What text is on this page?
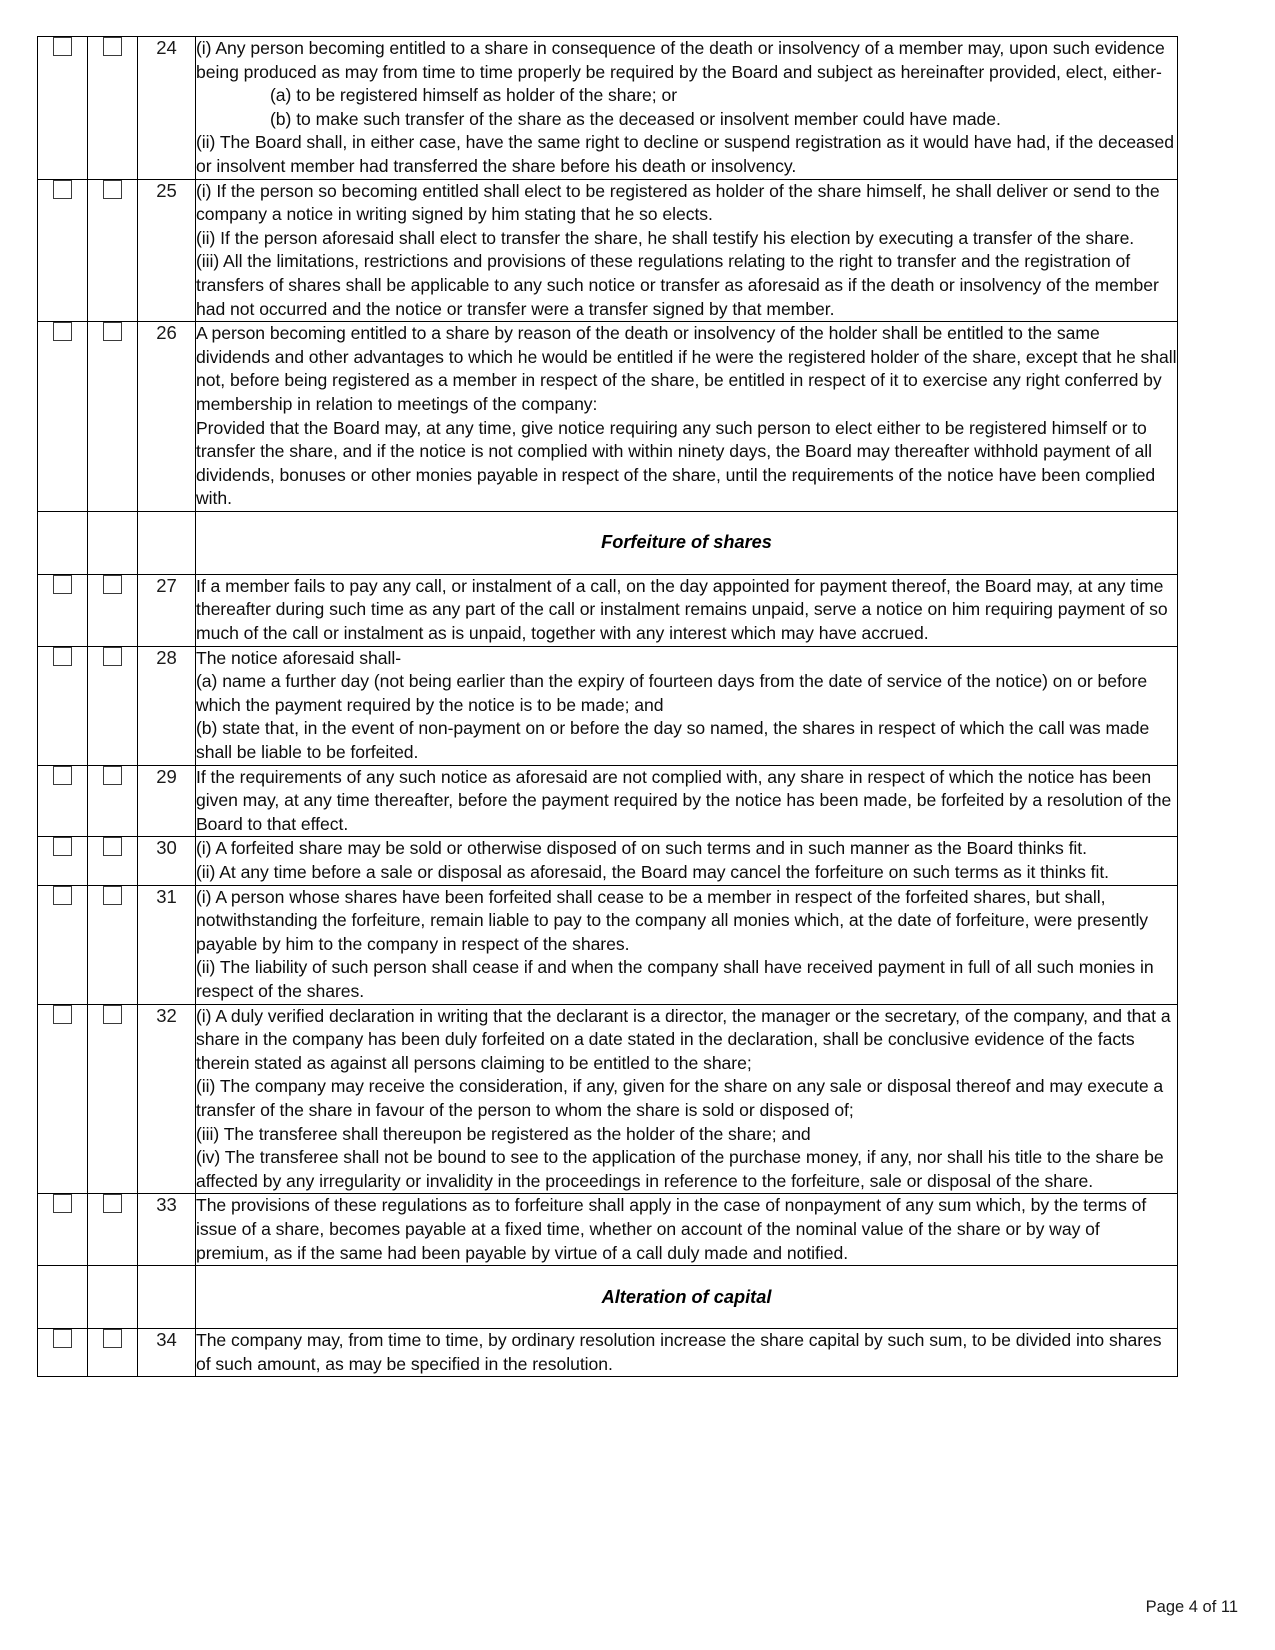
		24	(i) Any person becoming entitled to a share in consequence of the death or insolvency of a member may, upon such evidence being produced as may from time to time properly be required by the Board and subject as hereinafter provided, elect, either-

(a) to be registered himself as holder of the share; or

(b) to make such transfer of the share as the deceased or insolvent member could have made.

(ii) The Board shall, in either case, have the same right to decline or suspend registration as it would have had, if the deceased or insolvent member had transferred the share before his death or insolvency.

		25	(i) If the person so becoming entitled shall elect to be registered as holder of the share himself, he shall deliver or send to the company a notice in writing signed by him stating that he so elects.

(ii) If the person aforesaid shall elect to transfer the share, he shall testify his election by executing a transfer of the share.

(iii) All the limitations, restrictions and provisions of these regulations relating to the right to transfer and the registration of transfers of shares shall be applicable to any such notice or transfer as aforesaid as if the death or insolvency of the member had not occurred and the notice or transfer were a transfer signed by that member.

		26	A person becoming entitled to a share by reason of the death or insolvency of the holder shall be entitled to the same dividends and other advantages to which he would be entitled if he were the registered holder of the share, except that he shall not, before being registered as a member in respect of the share, be entitled in respect of it to exercise any right conferred by membership in relation to meetings of the company:

Provided that the Board may, at any time, give notice requiring any such person to elect either to be registered himself or to transfer the share, and if the notice is not complied with within ninety days, the Board may thereafter withhold payment of all dividends, bonuses or other monies payable in respect of the share, until the requirements of the notice have been complied with.

			Forfeiture of shares
		27	If a member fails to pay any call, or instalment of a call, on the day appointed for payment thereof, the Board may, at any time thereafter during such time as any part of the call or instalment remains unpaid, serve a notice on him requiring payment of so much of the call or instalment as is unpaid, together with any interest which may have accrued.

		28	The notice aforesaid shall-

(a) name a further day (not being earlier than the expiry of fourteen days from the date of service of the notice) on or before which the payment required by the notice is to be made; and

(b) state that, in the event of non-payment on or before the day so named, the shares in respect of which the call was made shall be liable to be forfeited.

		29	If the requirements of any such notice as aforesaid are not complied with, any share in respect of which the notice has been given may, at any time thereafter, before the payment required by the notice has been made, be forfeited by a resolution of the Board to that effect.

		30	(i) A forfeited share may be sold or otherwise disposed of on such terms and in such manner as the Board thinks fit.

(ii) At any time before a sale or disposal as aforesaid, the Board may cancel the forfeiture on such terms as it thinks fit.

		31	(i) A person whose shares have been forfeited shall cease to be a member in respect of the forfeited shares, but shall, notwithstanding the forfeiture, remain liable to pay to the company all monies which, at the date of forfeiture, were presently payable by him to the company in respect of the shares.

(ii) The liability of such person shall cease if and when the company shall have received payment in full of all such monies in respect of the shares.

		32	(i) A duly verified declaration in writing that the declarant is a director, the manager or the secretary, of the company, and that a share in the company has been duly forfeited on a date stated in the declaration, shall be conclusive evidence of the facts therein stated as against all persons claiming to be entitled to the share;

(ii) The company may receive the consideration, if any, given for the share on any sale or disposal thereof and may execute a transfer of the share in favour of the person to whom the share is sold or disposed of;

(iii) The transferee shall thereupon be registered as the holder of the share; and

(iv) The transferee shall not be bound to see to the application of the purchase money, if any, nor shall his title to the share be affected by any irregularity or invalidity in the proceedings in reference to the forfeiture, sale or disposal of the share.

		33	The provisions of these regulations as to forfeiture shall apply in the case of nonpayment of any sum which, by the terms of issue of a share, becomes payable at a fixed time, whether on account of the nominal value of the share or by way of premium, as if the same had been payable by virtue of a call duly made and notified.

			Alteration of capital
		34	The company may, from time to time, by ordinary resolution increase the share capital by such sum, to be divided into shares of such amount, as may be specified in the resolution.

Page 4 of 11
